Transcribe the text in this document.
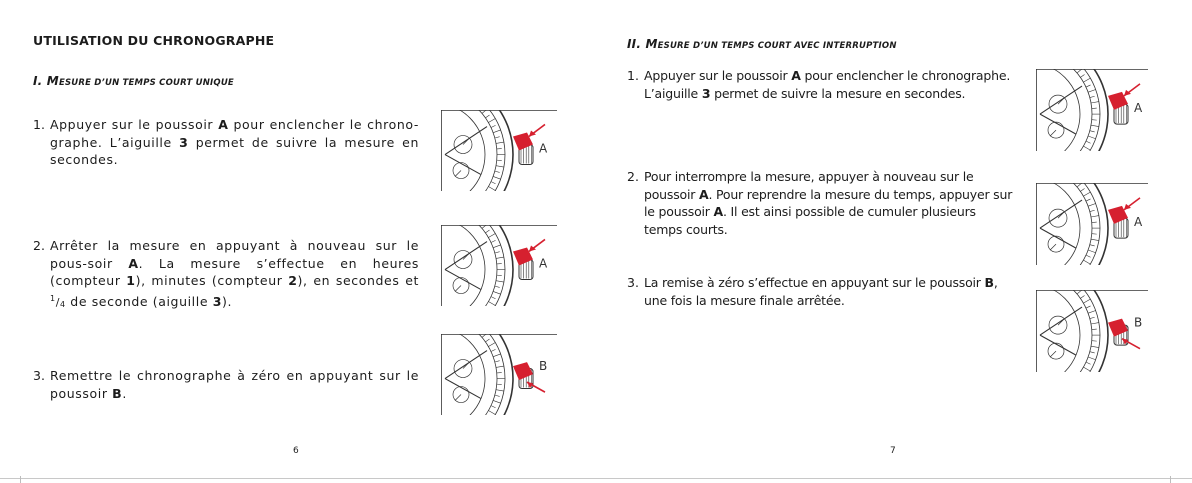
UTILISATION DU CHRONOGRAPHE
I. MESURE D’UN TEMPS COURT UNIQUE
1. Appuyer sur le poussoir A pour enclencher le chrono-graphe. L’aiguille 3 permet de suivre la mesure en secondes.
2. Arrêter la mesure en appuyant à nouveau sur le pous-soir A. La mesure s’effectue en heures (compteur 1), minutes (compteur 2), en secondes et $^1/_4$ de seconde (aiguille 3).
3. Remettre le chronographe à zéro en appuyant sur le poussoir B.
A
A
B
6
II. MESURE D’UN TEMPS COURT AVEC INTERRUPTION
1. Appuyer sur le poussoir A pour enclencher le chronographe. L’aiguille 3 permet de suivre la mesure en secondes.
2. Pour interrompre la mesure, appuyer à nouveau sur le poussoir A. Pour reprendre la mesure du temps, appuyer sur le poussoir A. Il est ainsi possible de cumuler plusieurs temps courts.
3. La remise à zéro s’effectue en appuyant sur le poussoir B, une fois la mesure finale arrêtée.
A
A
B
7
